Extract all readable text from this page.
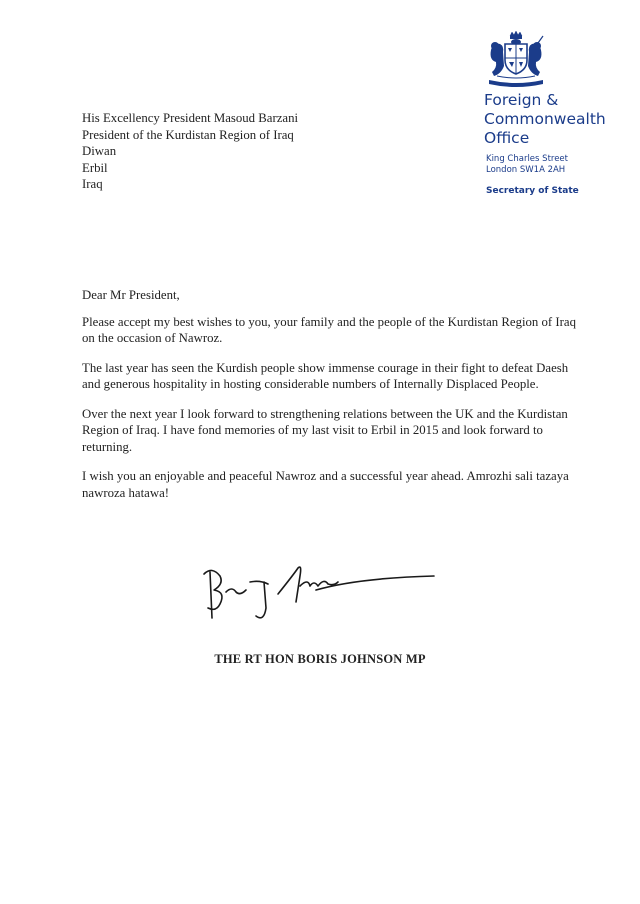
Foreign &
Commonwealth
Office
King Charles Street
London SW1A 2AH
Secretary of State
His Excellency President Masoud Barzani
President of the Kurdistan Region of Iraq
Diwan
Erbil
Iraq

Dear Mr President,

Please accept my best wishes to you, your family and the people of the Kurdistan Region of Iraq on the occasion of Nawroz.

The last year has seen the Kurdish people show immense courage in their fight to defeat Daesh and generous hospitality in hosting considerable numbers of Internally Displaced People.

Over the next year I look forward to strengthening relations between the UK and the Kurdistan Region of Iraq. I have fond memories of my last visit to Erbil in 2015 and look forward to returning.

I wish you an enjoyable and peaceful Nawroz and a successful year ahead. Amrozhi sali tazaya nawroza hatawa!

THE RT HON BORIS JOHNSON MP
